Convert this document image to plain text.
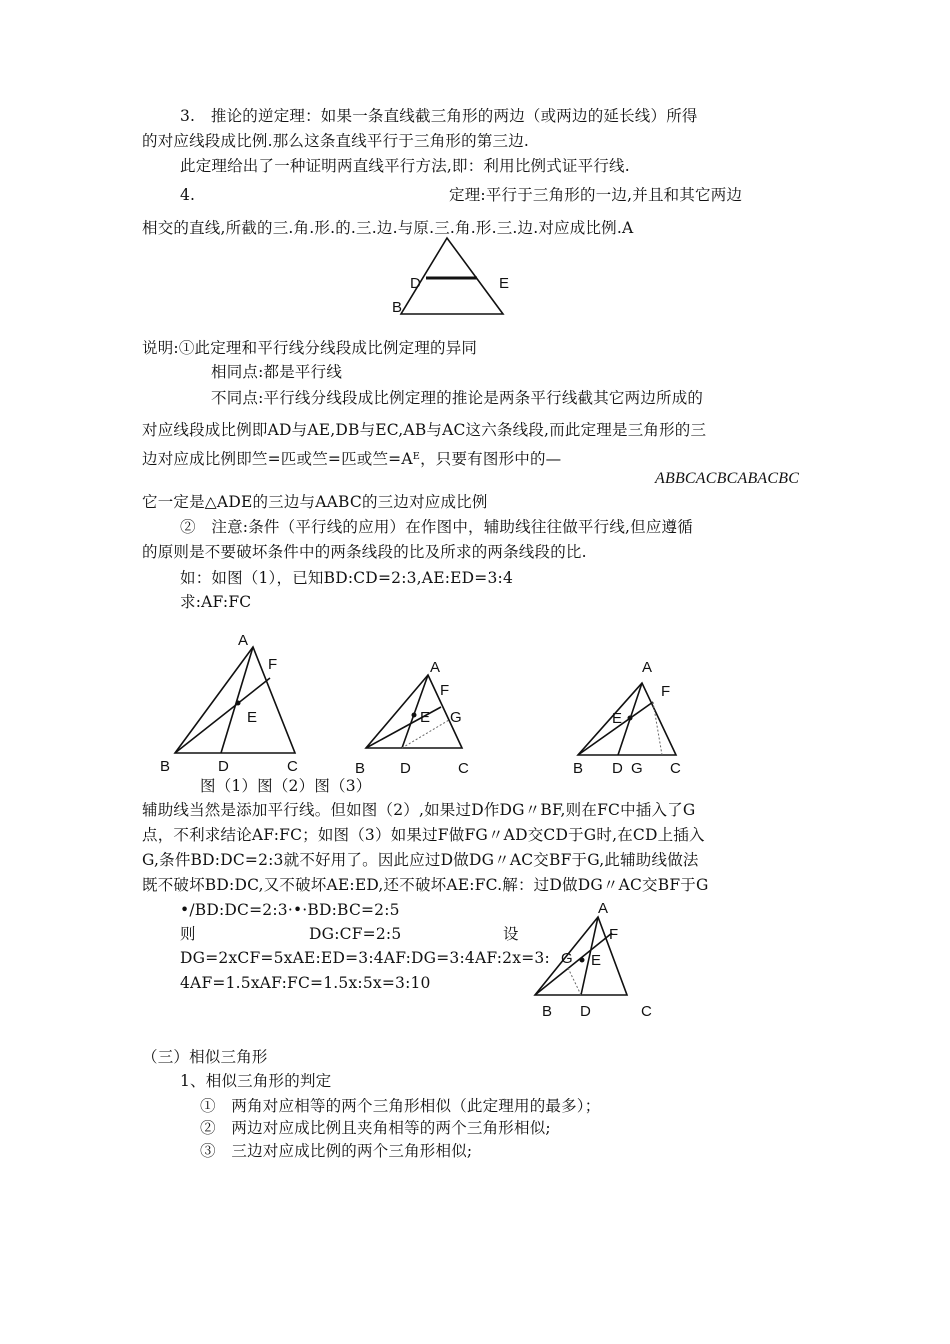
3.　推论的逆定理：如果一条直线截三角形的两边（或两边的延长线）所得
的对应线段成比例.那么这条直线平行于三角形的第三边.
此定理给出了一种证明两直线平行方法,即：利用比例式证平行线.
4.	定理:平行于三角形的一边,并且和其它两边
相交的直线,所截的三.角.形.的.三.边.与原.三.角.形.三.边.对应成比例.A
D	E
B
说明:①此定理和平行线分线段成比例定理的异同
相同点:都是平行线
不同点:平行线分线段成比例定理的推论是两条平行线截其它两边所成的
对应线段成比例即AD与AE,DB与EC,AB与AC这六条线段,而此定理是三角形的三
边对应成比例即竺=匹或竺=匹或竺=Aᴱ，只要有图形中的—
ABBCACBCABACBC
它一定是△ADE的三边与AABC的三边对应成比例
②　注意:条件（平行线的应用）在作图中，辅助线往往做平行线,但应遵循
的原则是不要破坏条件中的两条线段的比及所求的两条线段的比.
如：如图（1），已知BD:CD=2:3,AE:ED=3:4
求:AF:FC
A
F
E
B	D	C
A
F
E G
B D	C
A
F
E
B D G C
图（1）图（2）图（3）
辅助线当然是添加平行线。但如图（2）,如果过D作DG〃BF,则在FC中插入了G
点，不利求结论AF:FC；如图（3）如果过F做FG〃AD交CD于G时,在CD上插入
G,条件BD:DC=2:3就不好用了。因此应过D做DG〃AC交BF于G,此辅助线做法
既不破坏BD:DC,又不破坏AE:ED,还不破坏AE:FC.解：过D做DG〃AC交BF于G
•/BD:DC=2:3·•·BD:BC=2:5
则	DG:CF=2:5	设
DG=2xCF=5xAE:ED=3:4AF:DG=3:4AF:2x=3:
4AF=1.5xAF:FC=1.5x:5x=3:10
A
F
G E
B D	C
（三）相似三角形
1、相似三角形的判定
①　两角对应相等的两个三角形相似（此定理用的最多）；
②　两边对应成比例且夹角相等的两个三角形相似;
③　三边对应成比例的两个三角形相似;
